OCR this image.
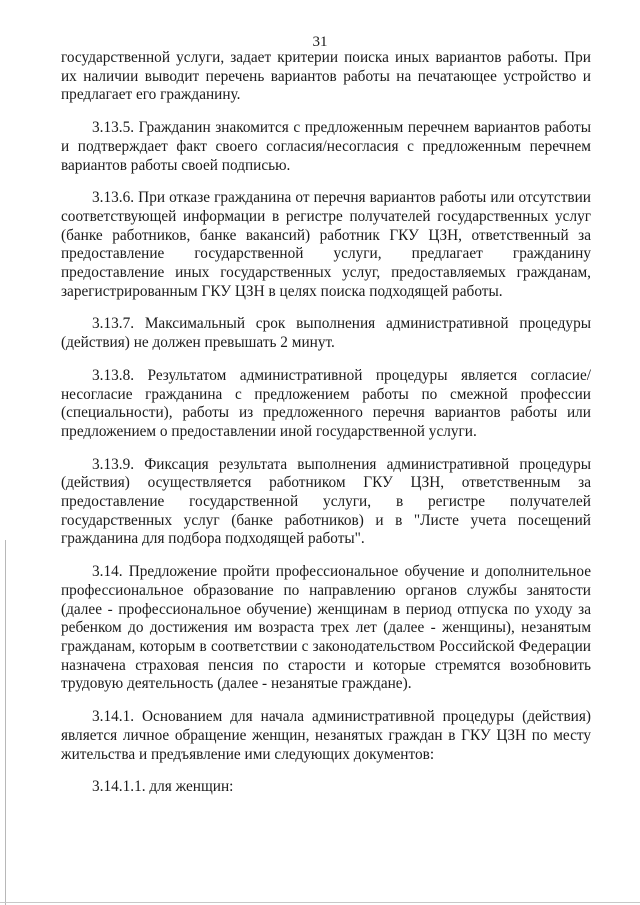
31

государственной услуги, задает критерии поиска иных вариантов работы. При их наличии выводит перечень вариантов работы на печатающее устройство и предлагает его гражданину.

3.13.5. Гражданин знакомится с предложенным перечнем вариантов работы и подтверждает факт своего согласия/несогласия с предложенным перечнем вариантов работы своей подписью.

3.13.6. При отказе гражданина от перечня вариантов работы или отсутствии соответствующей информации в регистре получателей государственных услуг (банке работников, банке вакансий) работник ГКУ ЦЗН, ответственный за предоставление государственной услуги, предлагает гражданину предоставление иных государственных услуг, предоставляемых гражданам, зарегистрированным ГКУ ЦЗН в целях поиска подходящей работы.

3.13.7. Максимальный срок выполнения административной процедуры (действия) не должен превышать 2 минут.

3.13.8. Результатом административной процедуры является согласие/несогласие гражданина с предложением работы по смежной профессии (специальности), работы из предложенного перечня вариантов работы или предложением о предоставлении иной государственной услуги.

3.13.9. Фиксация результата выполнения административной процедуры (действия) осуществляется работником ГКУ ЦЗН, ответственным за предоставление государственной услуги, в регистре получателей государственных услуг (банке работников) и в "Листе учета посещений гражданина для подбора подходящей работы".

3.14. Предложение пройти профессиональное обучение и дополнительное профессиональное образование по направлению органов службы занятости (далее - профессиональное обучение) женщинам в период отпуска по уходу за ребенком до достижения им возраста трех лет (далее - женщины), незанятым гражданам, которым в соответствии с законодательством Российской Федерации назначена страховая пенсия по старости и которые стремятся возобновить трудовую деятельность (далее - незанятые граждане).

3.14.1. Основанием для начала административной процедуры (действия) является личное обращение женщин, незанятых граждан в ГКУ ЦЗН по месту жительства и предъявление ими следующих документов:

3.14.1.1. для женщин:
